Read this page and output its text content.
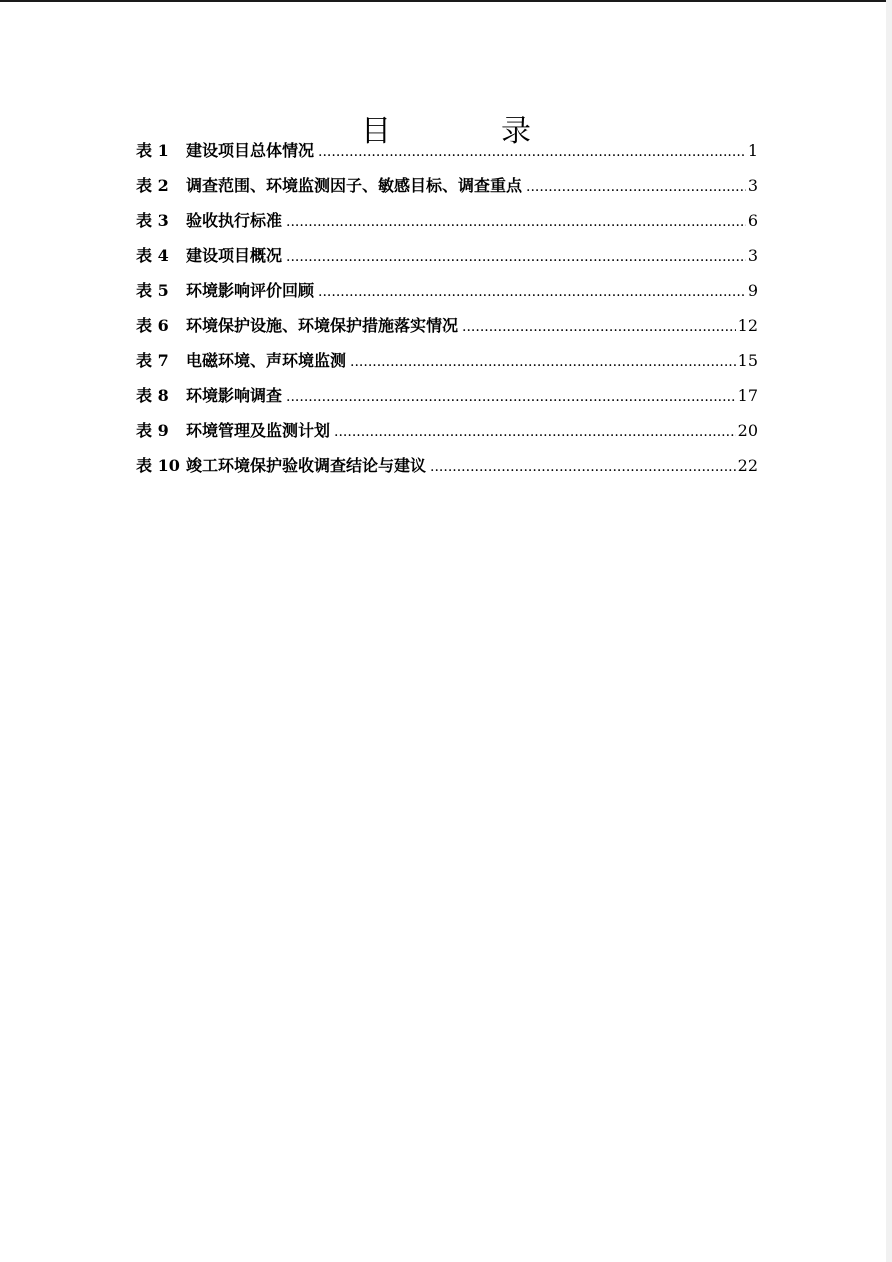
目　录
表 1	建设项目总体情况 .....	1
表 2	调查范围、环境监测因子、敏感目标、调查重点 .....	3
表 3	验收执行标准 .....	6
表 4	建设项目概况 .....	3
表 5	环境影响评价回顾 .....	9
表 6	环境保护设施、环境保护措施落实情况 .....	12
表 7	电磁环境、声环境监测 .....	15
表 8	环境影响调查 .....	17
表 9	环境管理及监测计划 .....	20
表 10 竣工环境保护验收调查结论与建议 .....	22
